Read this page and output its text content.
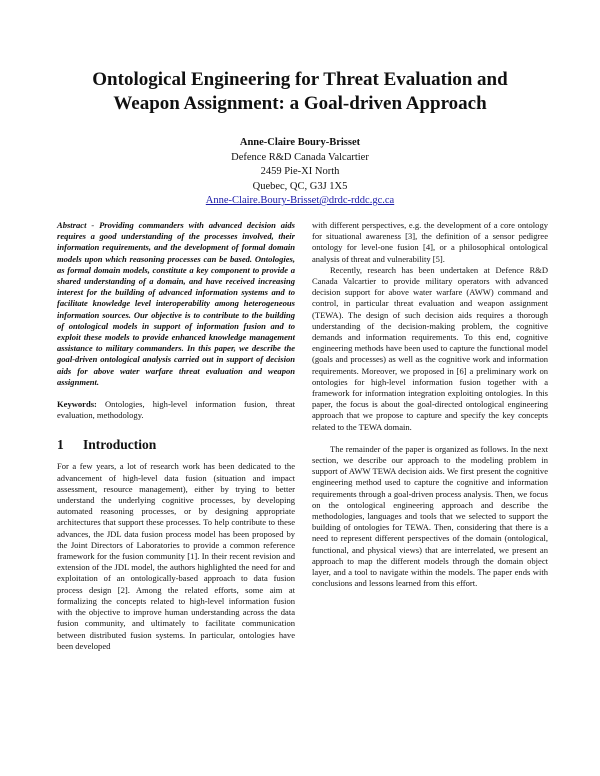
Ontological Engineering for Threat Evaluation and Weapon Assignment: a Goal-driven Approach
Anne-Claire Boury-Brisset
Defence R&D Canada Valcartier
2459 Pie-XI North
Quebec, QC, G3J 1X5
Anne-Claire.Boury-Brisset@drdc-rddc.gc.ca

Abstract - Providing commanders with advanced decision aids requires a good understanding of the processes involved, their information requirements, and the development of formal domain models upon which reasoning processes can be based. Ontologies, as formal domain models, constitute a key component to provide a shared understanding of a domain, and have received increasing interest for the building of advanced information systems and to facilitate knowledge level interoperability among heterogeneous information sources. Our objective is to contribute to the building of ontological models in support of information fusion and to exploit these models to provide enhanced knowledge management assistance to military commanders. In this paper, we describe the goal-driven ontological analysis carried out in support of decision aids for above water warfare threat evaluation and weapon assignment.

Keywords: Ontologies, high-level information fusion, threat evaluation, methodology.

1 Introduction

For a few years, a lot of research work has been dedicated to the advancement of high-level data fusion (situation and impact assessment, resource management), either by trying to better understand the underlying cognitive processes, by developing automated reasoning processes, or by designing appropriate architectures that support these processes. To help contribute to these advances, the JDL data fusion process model has been proposed by the Joint Directors of Laboratories to provide a common reference framework for the fusion community [1]. In their recent revision and extension of the JDL model, the authors highlighted the need for and exploitation of an ontologically-based approach to data fusion process design [2]. Among the related efforts, some aim at formalizing the concepts related to high-level information fusion with the objective to improve human understanding across the data fusion community, and ultimately to facilitate communication between distributed fusion systems. In particular, ontologies have been developed

with different perspectives, e.g. the development of a core ontology for situational awareness [3], the definition of a sensor pedigree ontology for level-one fusion [4], or a philosophical ontological analysis of threat and vulnerability [5].

Recently, research has been undertaken at Defence R&D Canada Valcartier to provide military operators with advanced decision support for above water warfare (AWW) command and control, in particular threat evaluation and weapon assignment (TEWA). The design of such decision aids requires a thorough understanding of the decision-making problem, the cognitive demands and information requirements. To this end, cognitive engineering methods have been used to capture the functional model (goals and processes) as well as the cognitive work and information requirements. Moreover, we proposed in [6] a preliminary work on ontologies for high-level information fusion together with a framework for information integration exploiting ontologies. In this paper, the focus is about the goal-directed ontological engineering approach that we propose to capture and specify the key concepts related to the TEWA domain.

The remainder of the paper is organized as follows. In the next section, we describe our approach to the modeling problem in support of AWW TEWA decision aids. We first present the cognitive engineering method used to capture the cognitive and information requirements through a goal-driven process analysis. Then, we focus on the ontological engineering approach and describe the methodologies, languages and tools that we selected to support the building of ontologies for TEWA. Then, considering that there is a need to represent different perspectives of the domain (ontological, functional, and physical views) that are interrelated, we present an approach to map the different models through the domain object layer, and a tool to navigate within the models. The paper ends with conclusions and lessons learned from this effort.
